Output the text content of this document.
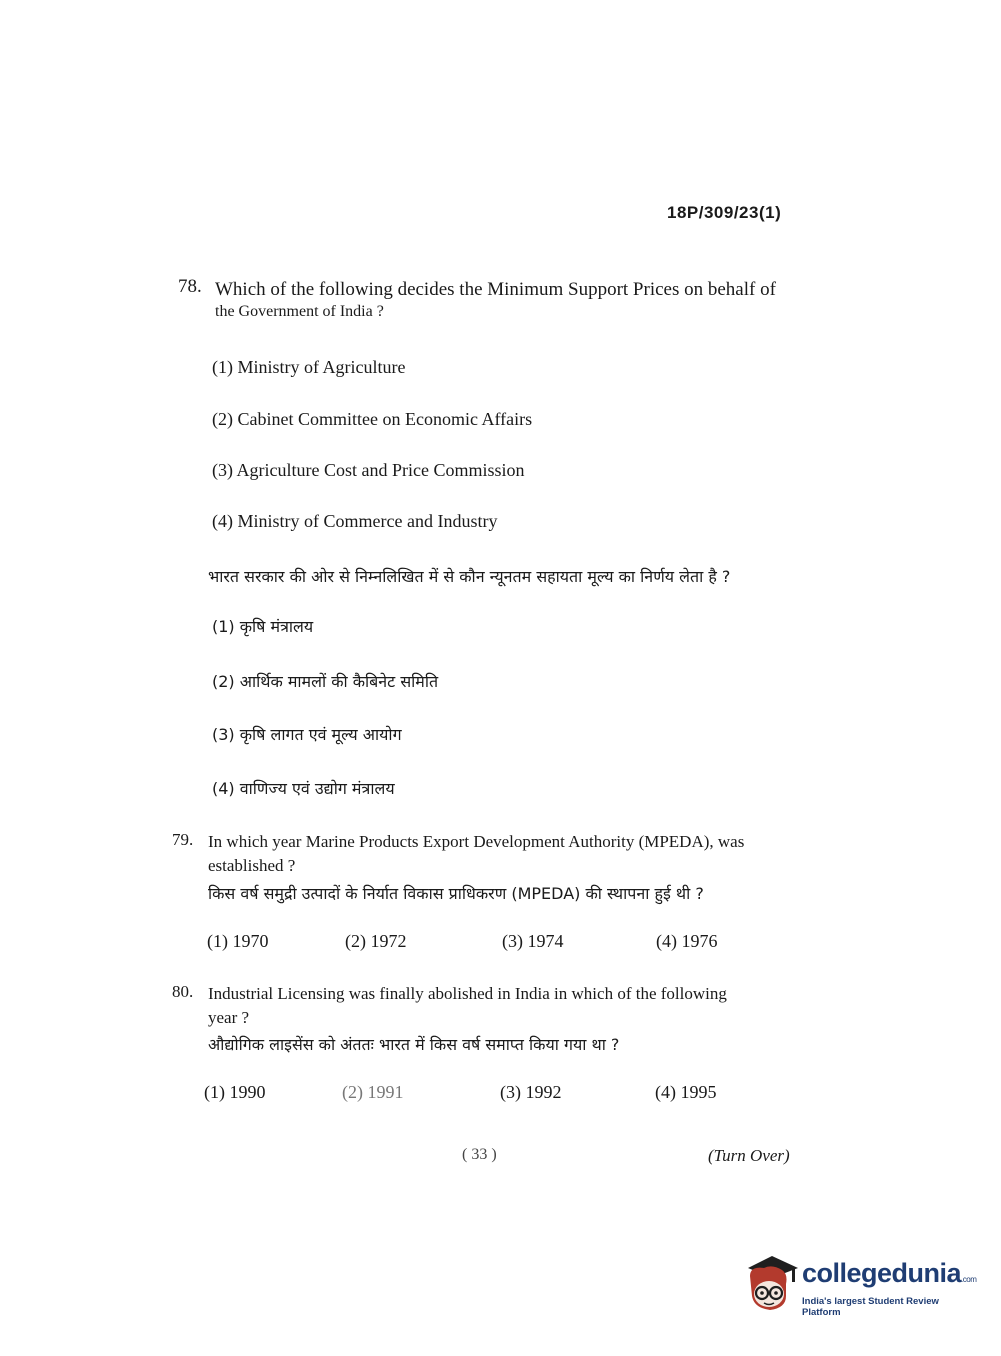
18P/309/23(1)
78. Which of the following decides the Minimum Support Prices on behalf of
the Government of India ?
(1) Ministry of Agriculture
(2) Cabinet Committee on Economic Affairs
(3) Agriculture Cost and Price Commission
(4) Ministry of Commerce and Industry
भारत सरकार की ओर से निम्नलिखित में से कौन न्यूनतम सहायता मूल्य का निर्णय लेता है ?
(1) कृषि मंत्रालय
(2) आर्थिक मामलों की कैबिनेट समिति
(3) कृषि लागत एवं मूल्य आयोग
(4) वाणिज्य एवं उद्योग मंत्रालय
79. In which year Marine Products Export Development Authority (MPEDA), was
established ?
किस वर्ष समुद्री उत्पादों के निर्यात विकास प्राधिकरण (MPEDA) की स्थापना हुई थी ?
(1) 1970	(2) 1972	(3) 1974	(4) 1976
80. Industrial Licensing was finally abolished in India in which of the following
year ?
औद्योगिक लाइसेंस को अंततः भारत में किस वर्ष समाप्त किया गया था ?
(1) 1990	(2) 1991	(3) 1992	(4) 1995
( 33 )	(Turn Over)
collegedunia.com
India's largest Student Review Platform
